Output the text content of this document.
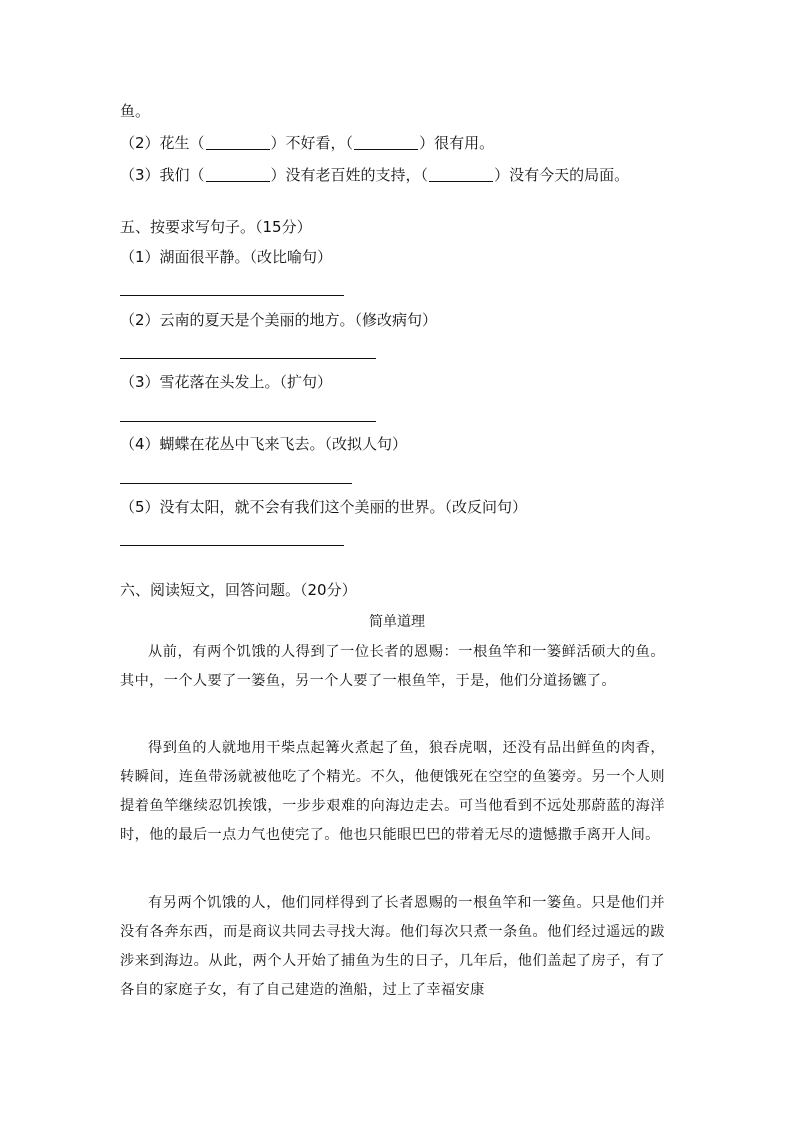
鱼。
（2）花生（	）不好看，（	）很有用。
（3）我们（	）没有老百姓的支持，（	）没有今天的局面。
五、按要求写句子。（15分）
（1）湖面很平静。（改比喻句）
（2）云南的夏天是个美丽的地方。（修改病句）
（3）雪花落在头发上。（扩句）
（4）蝴蝶在花丛中飞来飞去。（改拟人句）
（5）没有太阳，就不会有我们这个美丽的世界。（改反问句）
六、阅读短文，回答问题。（20分）
简单道理
从前，有两个饥饿的人得到了一位长者的恩赐：一根鱼竿和一篓鲜活硕大的鱼。其中，一个人要了一篓鱼，另一个人要了一根鱼竿，于是，他们分道扬镳了。
得到鱼的人就地用干柴点起篝火煮起了鱼，狼吞虎咽，还没有品出鲜鱼的肉香，转瞬间，连鱼带汤就被他吃了个精光。不久，他便饿死在空空的鱼篓旁。另一个人则提着鱼竿继续忍饥挨饿，一步步艰难的向海边走去。可当他看到不远处那蔚蓝的海洋时，他的最后一点力气也使完了。他也只能眼巴巴的带着无尽的遗憾撒手离开人间。
有另两个饥饿的人，他们同样得到了长者恩赐的一根鱼竿和一篓鱼。只是他们并没有各奔东西，而是商议共同去寻找大海。他们每次只煮一条鱼。他们经过遥远的跋涉来到海边。从此，两个人开始了捕鱼为生的日子，几年后，他们盖起了房子，有了各自的家庭子女，有了自己建造的渔船，过上了幸福安康
